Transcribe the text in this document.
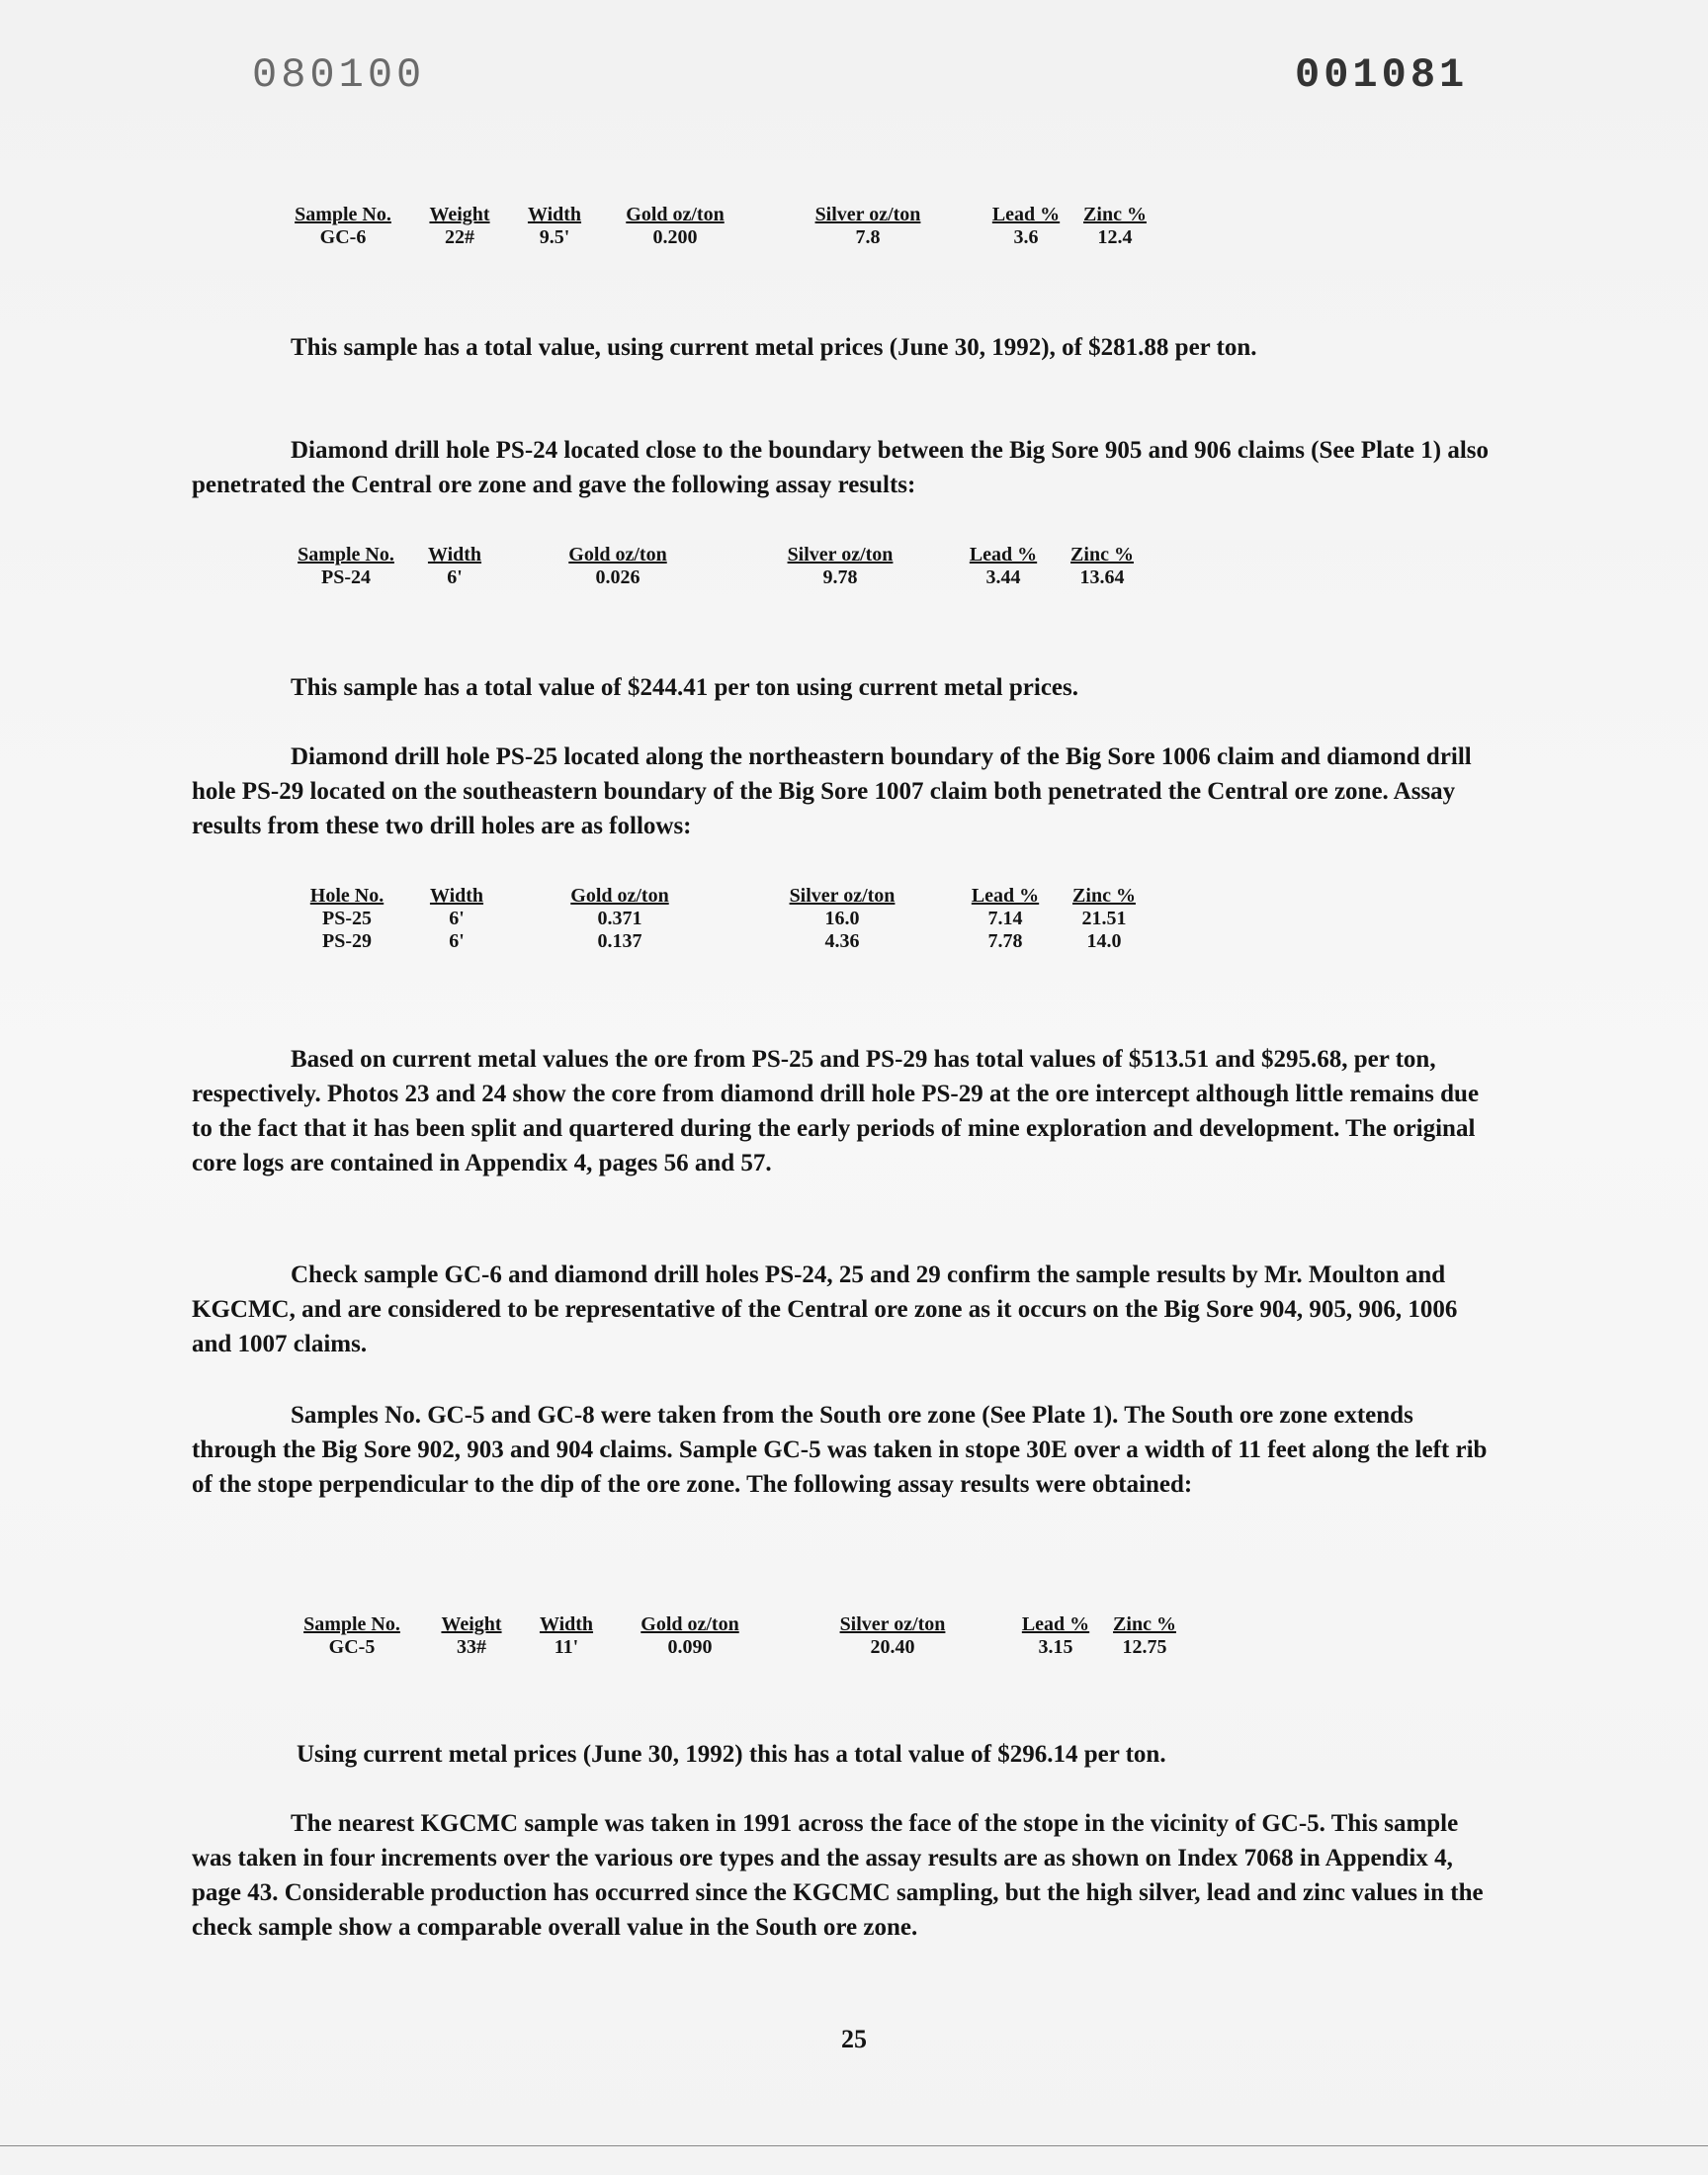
080100	001081
Sample No.	Weight	Width	Gold oz/ton	Silver oz/ton	Lead %	Zinc %
GC-6	22#	9.5'	0.200	7.8	3.6	12.4

This sample has a total value, using current metal prices (June 30, 1992), of $281.88 per ton.

Diamond drill hole PS-24 located close to the boundary between the Big Sore 905 and 906 claims (See Plate 1) also penetrated the Central ore zone and gave the following assay results:

Sample No.	Width	Gold oz/ton	Silver oz/ton	Lead %	Zinc %
PS-24	6'	0.026	9.78	3.44	13.64

This sample has a total value of $244.41 per ton using current metal prices.

Diamond drill hole PS-25 located along the northeastern boundary of the Big Sore 1006 claim and diamond drill hole PS-29 located on the southeastern boundary of the Big Sore 1007 claim both penetrated the Central ore zone. Assay results from these two drill holes are as follows:

Hole No.	Width	Gold oz/ton	Silver oz/ton	Lead %	Zinc %
PS-25	6'	0.371	16.0	7.14	21.51
PS-29	6'	0.137	4.36	7.78	14.0

Based on current metal values the ore from PS-25 and PS-29 has total values of $513.51 and $295.68, per ton, respectively. Photos 23 and 24 show the core from diamond drill hole PS-29 at the ore intercept although little remains due to the fact that it has been split and quartered during the early periods of mine exploration and development. The original core logs are contained in Appendix 4, pages 56 and 57.

Check sample GC-6 and diamond drill holes PS-24, 25 and 29 confirm the sample results by Mr. Moulton and KGCMC, and are considered to be representative of the Central ore zone as it occurs on the Big Sore 904, 905, 906, 1006 and 1007 claims.

Samples No. GC-5 and GC-8 were taken from the South ore zone (See Plate 1). The South ore zone extends through the Big Sore 902, 903 and 904 claims. Sample GC-5 was taken in stope 30E over a width of 11 feet along the left rib of the stope perpendicular to the dip of the ore zone. The following assay results were obtained:

Sample No.	Weight	Width	Gold oz/ton	Silver oz/ton	Lead %	Zinc %
GC-5	33#	11'	0.090	20.40	3.15	12.75

Using current metal prices (June 30, 1992) this has a total value of $296.14 per ton.

The nearest KGCMC sample was taken in 1991 across the face of the stope in the vicinity of GC-5. This sample was taken in four increments over the various ore types and the assay results are as shown on Index 7068 in Appendix 4, page 43. Considerable production has occurred since the KGCMC sampling, but the high silver, lead and zinc values in the check sample show a comparable overall value in the South ore zone.

25
